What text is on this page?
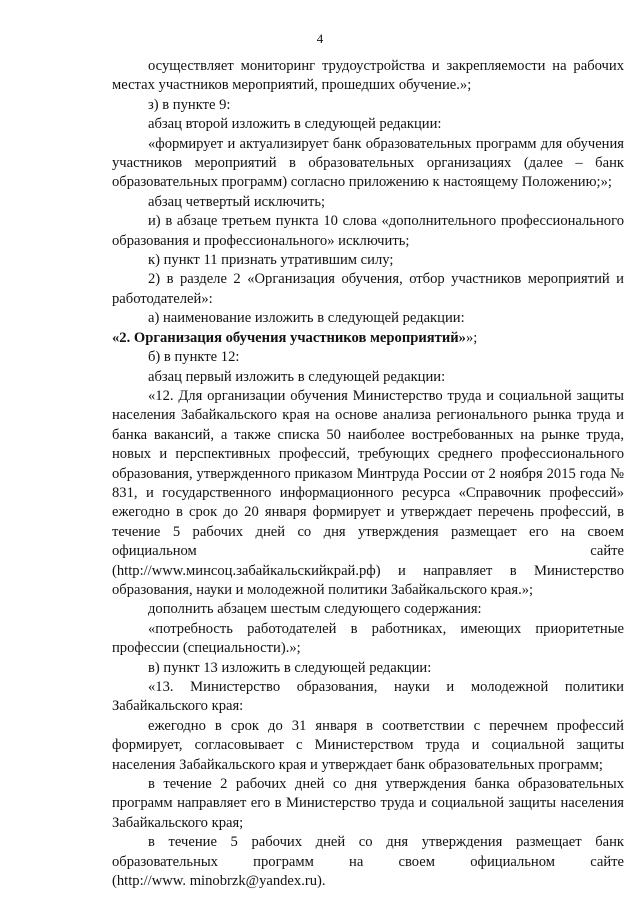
4

осуществляет мониторинг трудоустройства и закрепляемости на рабочих местах участников мероприятий, прошедших обучение.»;

з) в пункте 9:

абзац второй изложить в следующей редакции:

«формирует и актуализирует банк образовательных программ для обучения участников мероприятий в образовательных организациях (далее – банк образовательных программ) согласно приложению к настоящему Положению;»;

абзац четвертый исключить;

и) в абзаце третьем пункта 10 слова «дополнительного профессионального образования и профессионального» исключить;

к) пункт 11 признать утратившим силу;

2) в разделе 2 «Организация обучения, отбор участников мероприятий и работодателей»:

а) наименование изложить в следующей редакции:

«2. Организация обучения участников мероприятий»»;

б) в пункте 12:

абзац первый изложить в следующей редакции:

«12. Для организации обучения Министерство труда и социальной защиты населения Забайкальского края на основе анализа регионального рынка труда и банка вакансий, а также списка 50 наиболее востребованных на рынке труда, новых и перспективных профессий, требующих среднего профессионального образования, утвержденного приказом Минтруда России от 2 ноября 2015 года № 831, и государственного информационного ресурса «Справочник профессий» ежегодно в срок до 20 января формирует и утверждает перечень профессий, в течение 5 рабочих дней со дня утверждения размещает его на своем официальном сайте

(http://www.минсоц.забайкальскийкрай.рф) и направляет в Министерство образования, науки и молодежной политики Забайкальского края.»;

дополнить абзацем шестым следующего содержания:

«потребность работодателей в работниках, имеющих приоритетные профессии (специальности).»;

в) пункт 13 изложить в следующей редакции:

«13. Министерство образования, науки и молодежной политики Забайкальского края:

ежегодно в срок до 31 января в соответствии с перечнем профессий формирует, согласовывает с Министерством труда и социальной защиты населения Забайкальского края и утверждает банк образовательных программ;

в течение 2 рабочих дней со дня утверждения банка образовательных программ направляет его в Министерство труда и социальной защиты населения Забайкальского края;

в течение 5 рабочих дней со дня утверждения размещает банк образовательных программ на своем официальном сайте

(http://www. minobrzk@yandex.ru).
